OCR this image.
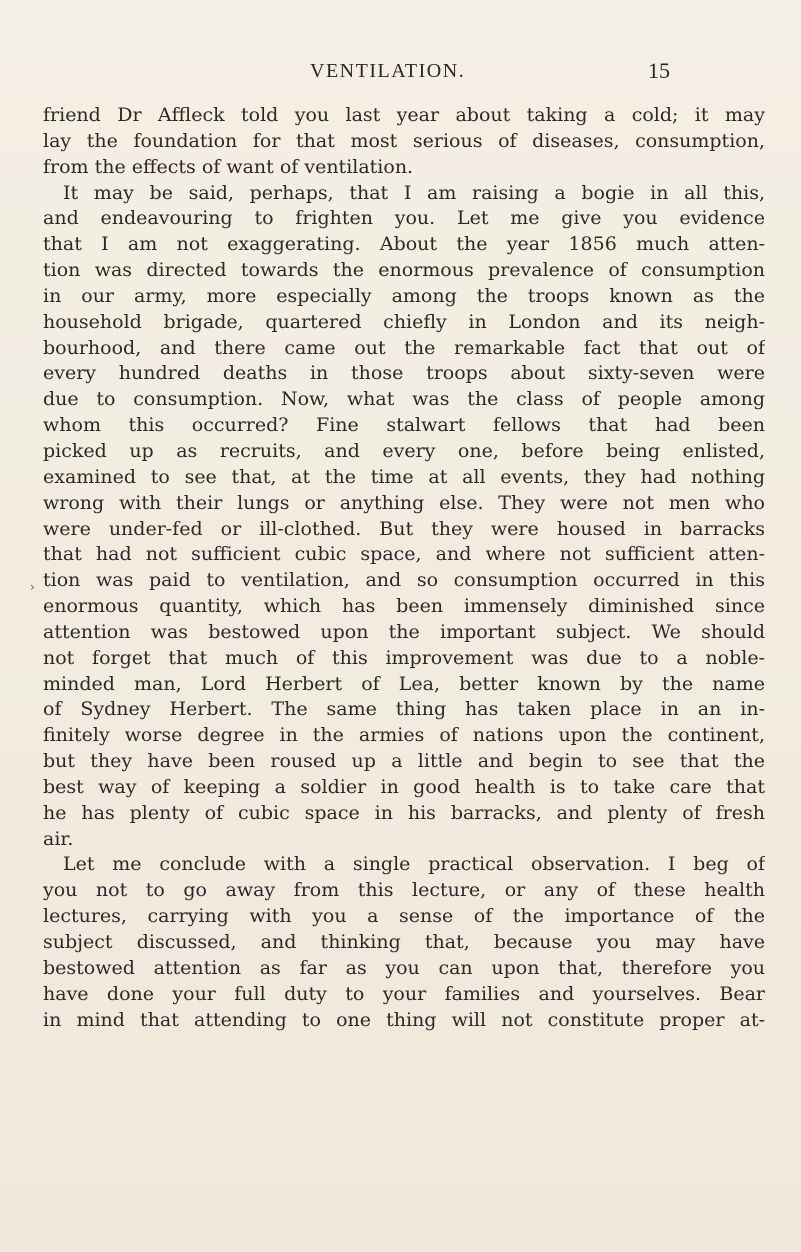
VENTILATION.	15
›
friend Dr Affleck told you last year about taking a cold; it may
lay the foundation for that most serious of diseases, consumption,
from the effects of want of ventilation.
It may be said, perhaps, that I am raising a bogie in all this,
and endeavouring to frighten you. Let me give you evidence
that I am not exaggerating. About the year 1856 much atten-
tion was directed towards the enormous prevalence of consumption
in our army, more especially among the troops known as the
household brigade, quartered chiefly in London and its neigh-
bourhood, and there came out the remarkable fact that out of
every hundred deaths in those troops about sixty-seven were
due to consumption. Now, what was the class of people among
whom this occurred? Fine stalwart fellows that had been
picked up as recruits, and every one, before being enlisted,
examined to see that, at the time at all events, they had nothing
wrong with their lungs or anything else. They were not men who
were under-fed or ill-clothed. But they were housed in barracks
that had not sufficient cubic space, and where not sufficient atten-
tion was paid to ventilation, and so consumption occurred in this
enormous quantity, which has been immensely diminished since
attention was bestowed upon the important subject. We should
not forget that much of this improvement was due to a noble-
minded man, Lord Herbert of Lea, better known by the name
of Sydney Herbert. The same thing has taken place in an in-
finitely worse degree in the armies of nations upon the continent,
but they have been roused up a little and begin to see that the
best way of keeping a soldier in good health is to take care that
he has plenty of cubic space in his barracks, and plenty of fresh
air.
Let me conclude with a single practical observation. I beg of
you not to go away from this lecture, or any of these health
lectures, carrying with you a sense of the importance of the
subject discussed, and thinking that, because you may have
bestowed attention as far as you can upon that, therefore you
have done your full duty to your families and yourselves. Bear
in mind that attending to one thing will not constitute proper at-
